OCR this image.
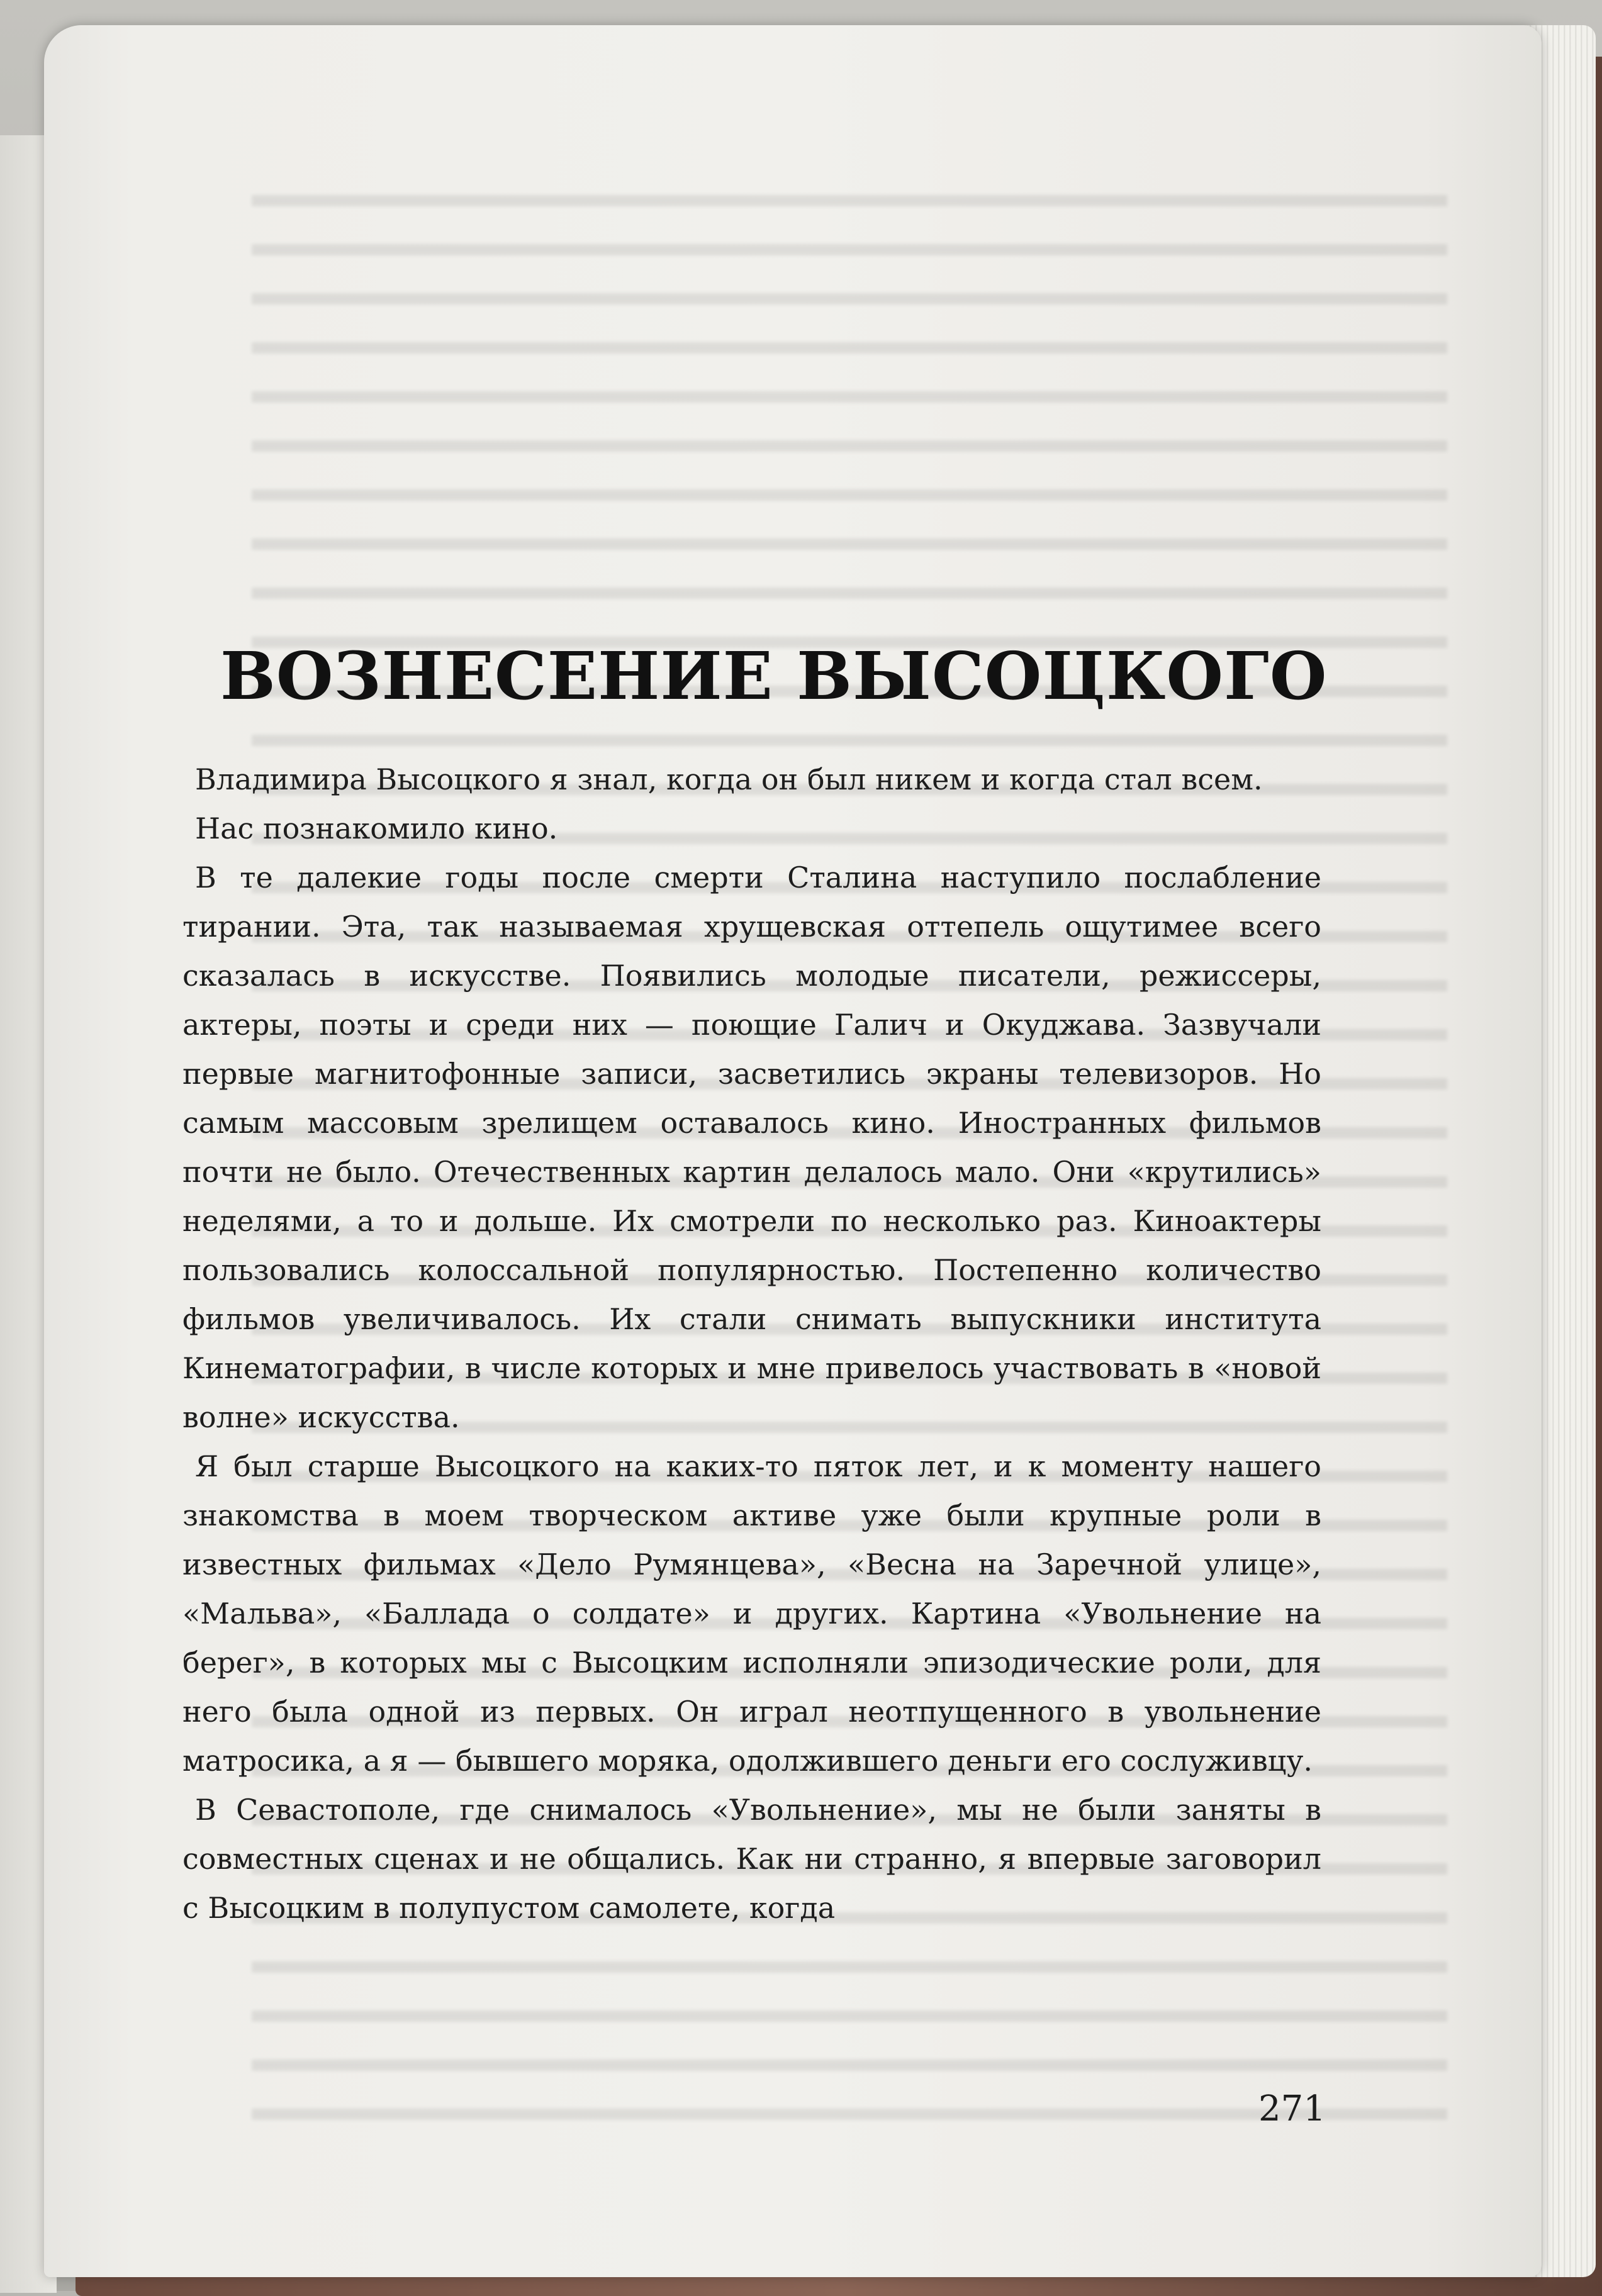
ВОЗНЕСЕНИЕ ВЫСОЦКОГО

Владимира Высоцкого я знал, когда он был никем и когда стал всем.

Нас познакомило кино.

В те далекие годы после смерти Сталина наступило послабление тирании. Эта, так называемая хрущевская оттепель ощутимее всего сказалась в искусстве. Появились молодые писатели, режиссеры, актеры, поэты и среди них — поющие Галич и Окуджава. Зазвучали первые магнитофонные записи, засветились экраны телевизоров. Но самым массовым зрелищем оставалось кино. Иностранных фильмов почти не было. Отечественных картин делалось мало. Они «крутились» неделями, а то и дольше. Их смотрели по несколько раз. Киноактеры пользовались колоссальной популярностью. Постепенно количество фильмов увеличивалось. Их стали снимать выпускники института Кинематографии, в числе которых и мне привелось участвовать в «новой волне» искусства.

Я был старше Высоцкого на каких-то пяток лет, и к моменту нашего знакомства в моем творческом активе уже были крупные роли в известных фильмах «Дело Румянцева», «Весна на Заречной улице», «Мальва», «Баллада о солдате» и других. Картина «Увольнение на берег», в которых мы с Высоцким исполняли эпизодические роли, для него была одной из первых. Он играл неотпущенного в увольнение матросика, а я — бывшего моряка, одолжившего деньги его сослуживцу.

В Севастополе, где снималось «Увольнение», мы не были заняты в совместных сценах и не общались. Как ни странно, я впервые заговорил с Высоцким в полупустом самолете, когда

271
